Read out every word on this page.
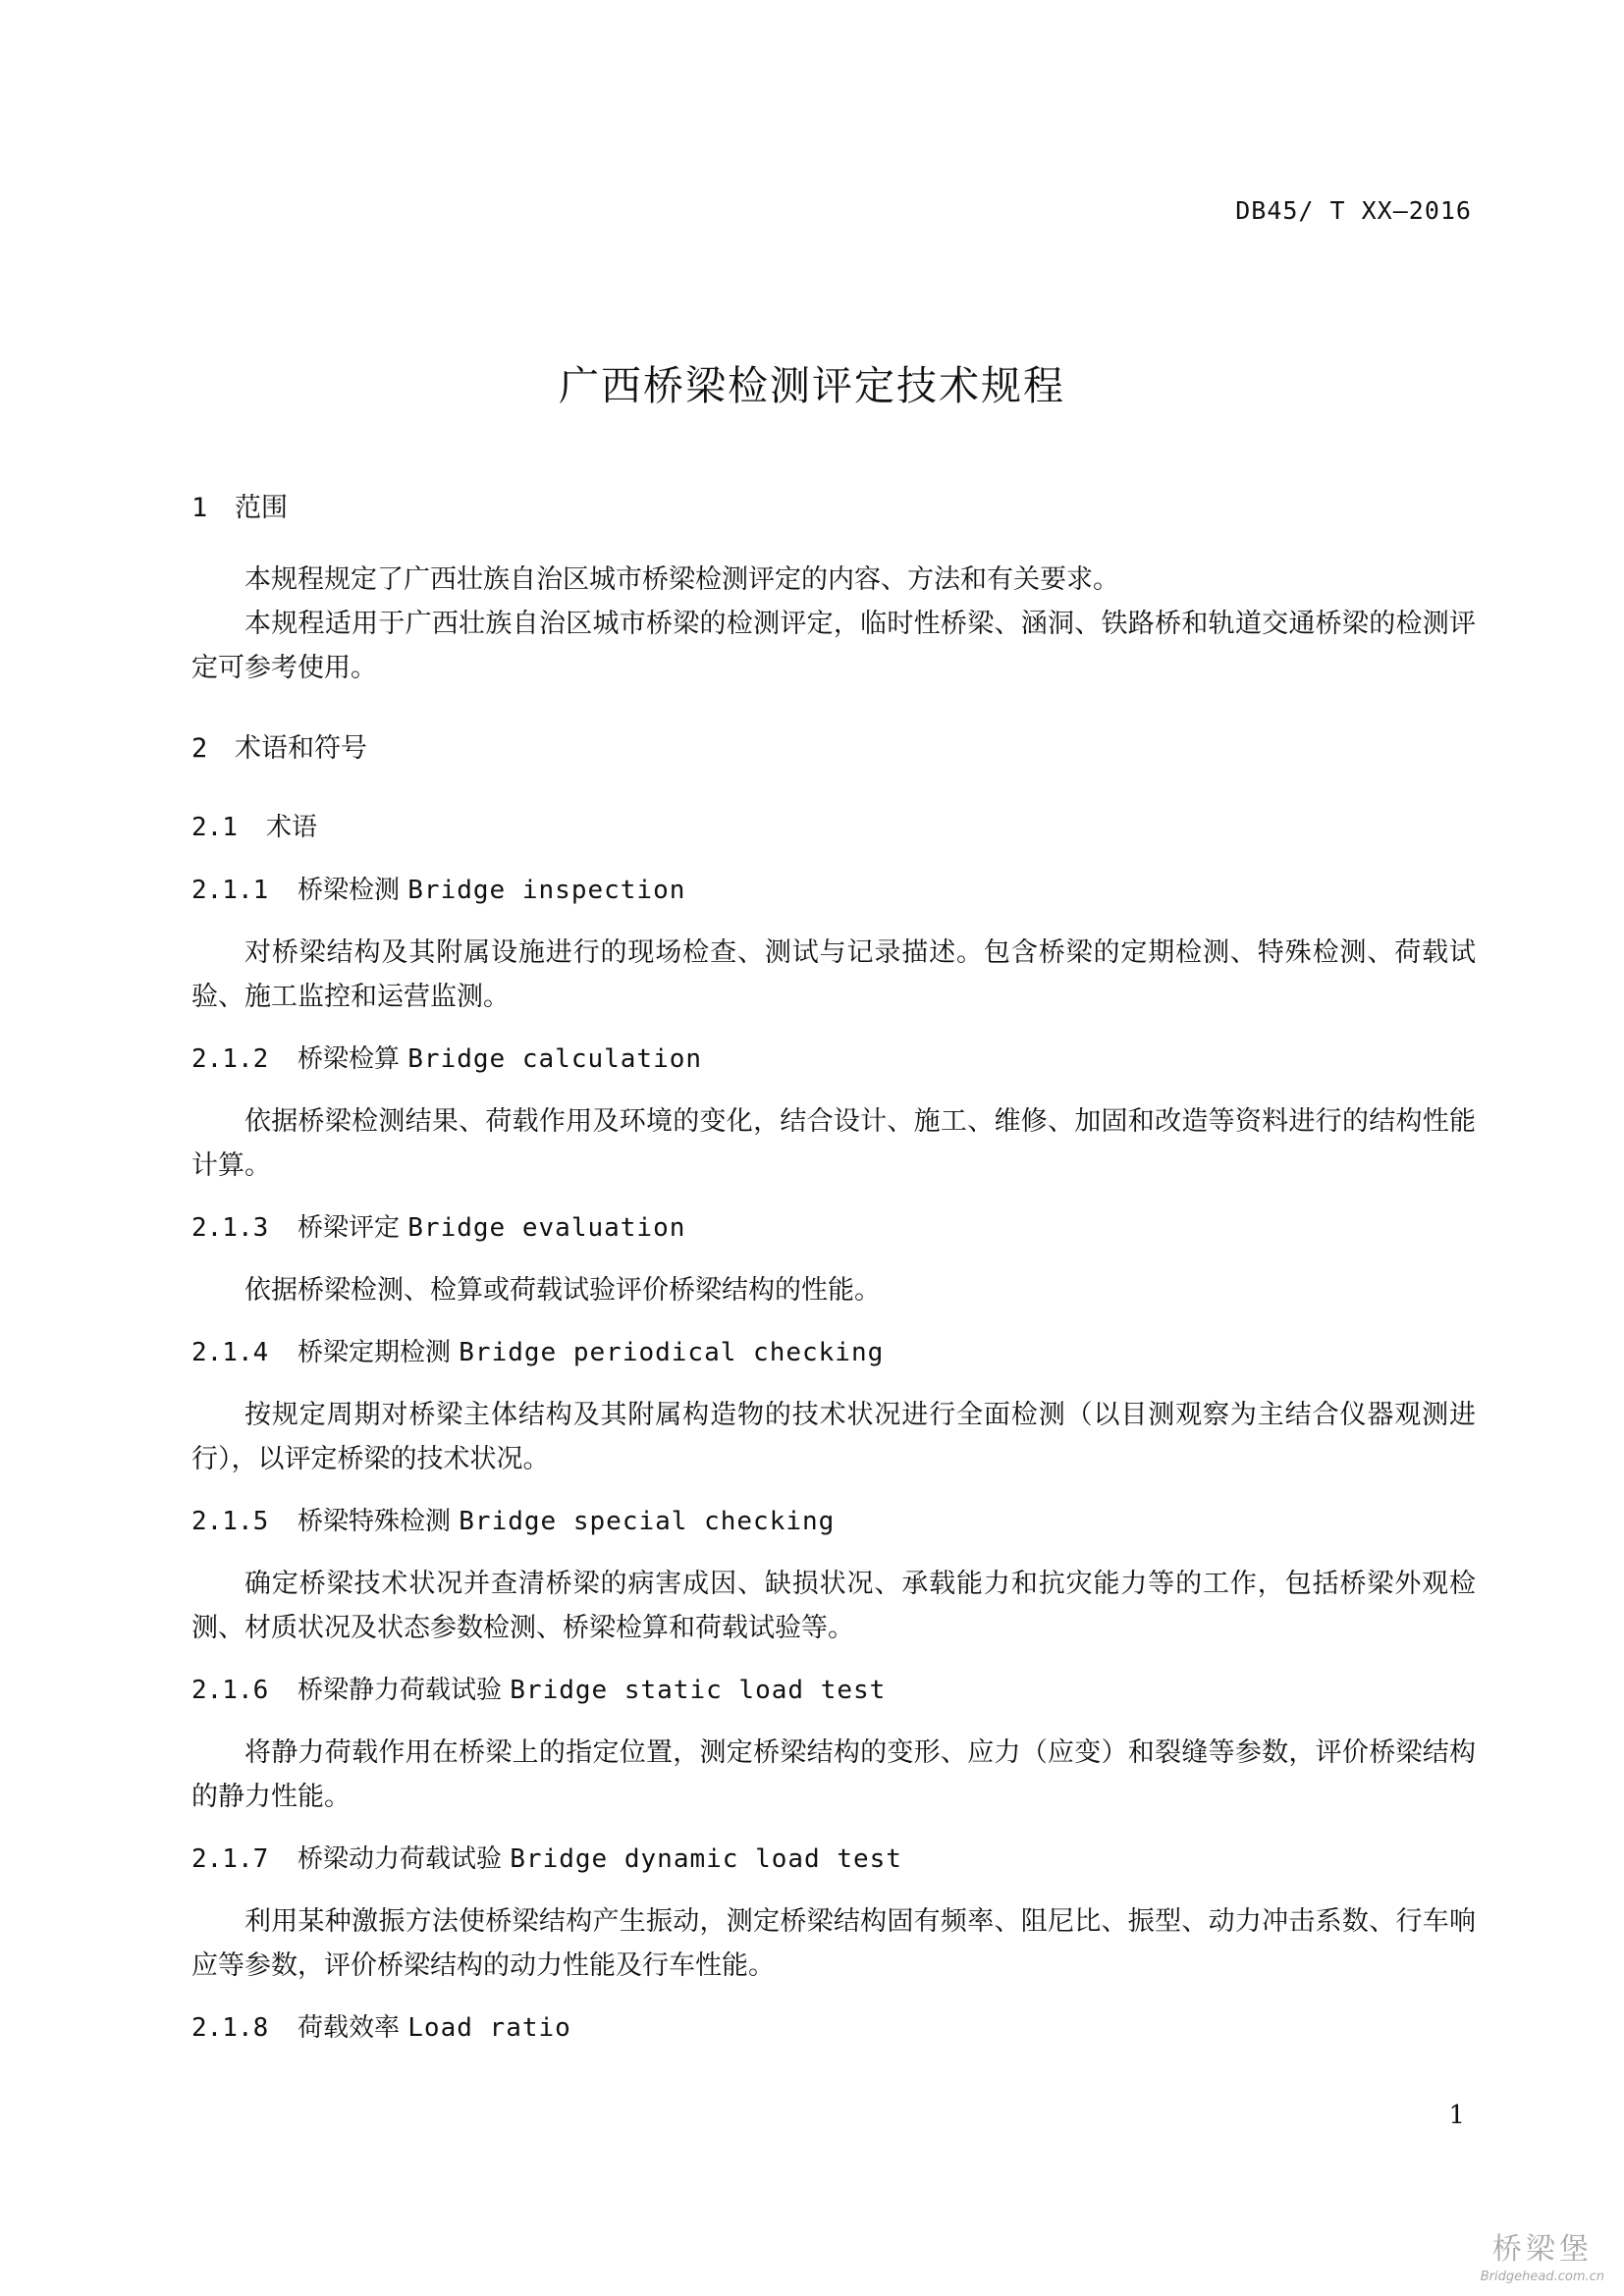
DB45/ T XX—2016
广西桥梁检测评定技术规程
1 范围

本规程规定了广西壮族自治区城市桥梁检测评定的内容、方法和有关要求。

本规程适用于广西壮族自治区城市桥梁的检测评定，临时性桥梁、涵洞、铁路桥和轨道交通桥梁的检测评定可参考使用。

2 术语和符号
2.1 术语
2.1.1 桥梁检测 Bridge inspection

对桥梁结构及其附属设施进行的现场检查、测试与记录描述。包含桥梁的定期检测、特殊检测、荷载试验、施工监控和运营监测。

2.1.2 桥梁检算 Bridge calculation

依据桥梁检测结果、荷载作用及环境的变化，结合设计、施工、维修、加固和改造等资料进行的结构性能计算。

2.1.3 桥梁评定 Bridge evaluation

依据桥梁检测、检算或荷载试验评价桥梁结构的性能。

2.1.4 桥梁定期检测 Bridge periodical checking

按规定周期对桥梁主体结构及其附属构造物的技术状况进行全面检测（以目测观察为主结合仪器观测进行），以评定桥梁的技术状况。

2.1.5 桥梁特殊检测 Bridge special checking

确定桥梁技术状况并查清桥梁的病害成因、缺损状况、承载能力和抗灾能力等的工作，包括桥梁外观检测、材质状况及状态参数检测、桥梁检算和荷载试验等。

2.1.6 桥梁静力荷载试验 Bridge static load test

将静力荷载作用在桥梁上的指定位置，测定桥梁结构的变形、应力（应变）和裂缝等参数，评价桥梁结构的静力性能。

2.1.7 桥梁动力荷载试验 Bridge dynamic load test

利用某种激振方法使桥梁结构产生振动，测定桥梁结构固有频率、阻尼比、振型、动力冲击系数、行车响应等参数，评价桥梁结构的动力性能及行车性能。

2.1.8 荷载效率 Load ratio
1
桥梁堡
Bridgehead.com.cn
